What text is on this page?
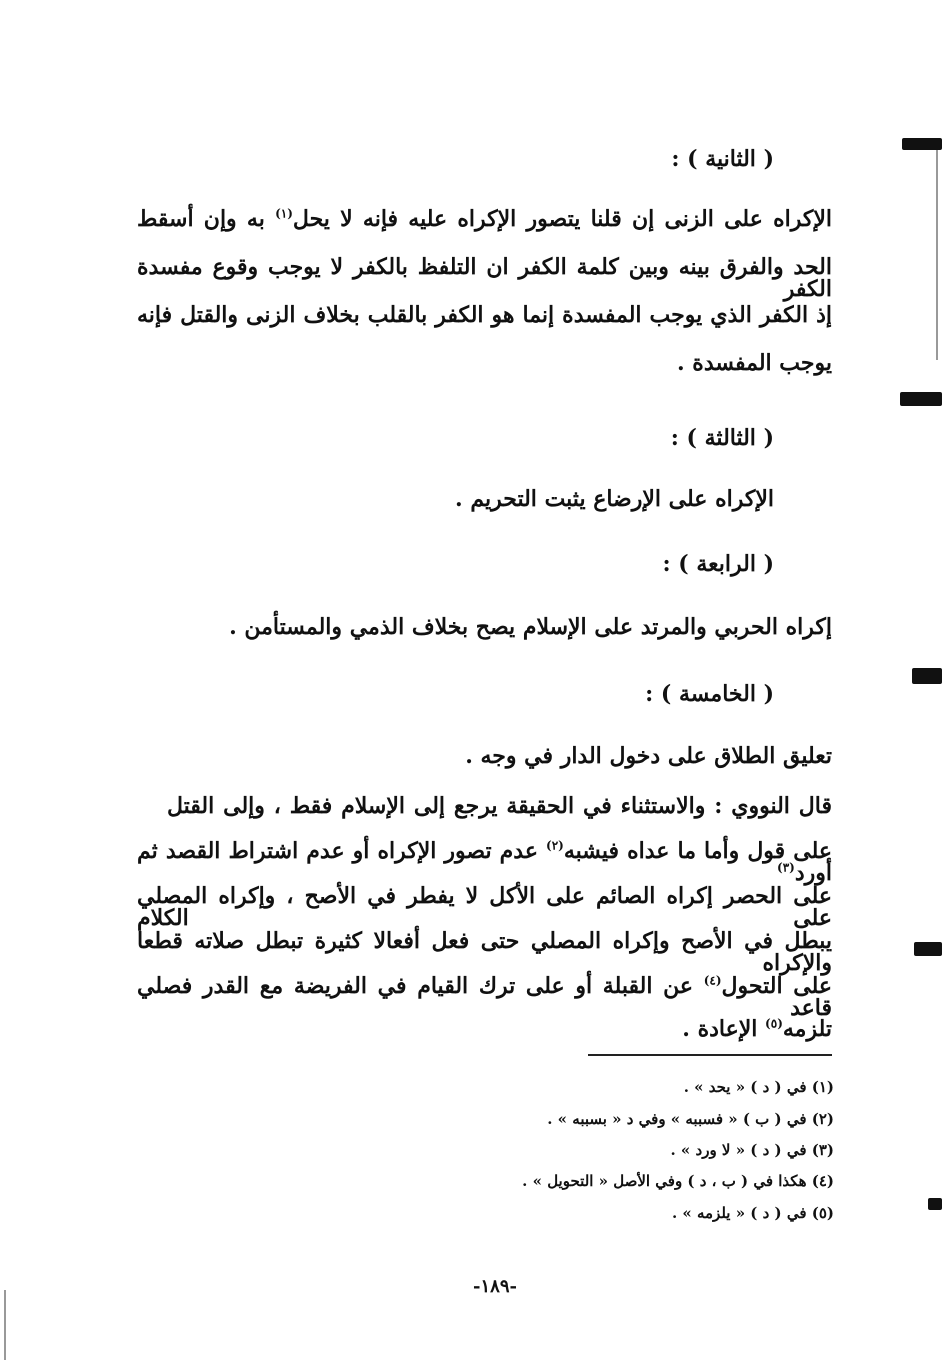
( الثانية ) :
الإكراه على الزنى إن قلنا يتصور الإكراه عليه فإنه لا يحل$^{(١)}$ به وإن أسقط
الحد والفرق بينه وبين كلمة الكفر ان التلفظ بالكفر لا يوجب وقوع مفسدة الكفر
إذ الكفر الذي يوجب المفسدة إنما هو الكفر بالقلب بخلاف الزنى والقتل فإنه
يوجب المفسدة .
( الثالثة ) :
الإكراه على الإرضاع يثبت التحريم .
( الرابعة ) :
إكراه الحربي والمرتد على الإسلام يصح بخلاف الذمي والمستأمن .
( الخامسة ) :
تعليق الطلاق على دخول الدار في وجه .
قال النووي : والاستثناء في الحقيقة يرجع إلى الإسلام فقط ، وإلى القتل
على قول وأما ما عداه فيشبه$^{(٢)}$ عدم تصور الإكراه أو عدم اشتراط القصد ثم أورد$^{(٣)}$
على الحصر إكراه الصائم على الأكل لا يفطر في الأصح ، وإكراه المصلي على الكلام
يبطل في الأصح وإكراه المصلي حتى فعل أفعالا كثيرة تبطل صلاته قطعا والإكراه
على التحول$^{(٤)}$ عن القبلة أو على ترك القيام في الفريضة مع القدر فصلي قاعد
تلزمه$^{(٥)}$ الإعادة .
(١) في ( د ) « يحد » .
(٢) في ( ب ) « فسببه » وفي د « بسببه » .
(٣) في ( د ) « لا ورد » .
(٤) هكذا في ( ب ، د ) وفي الأصل « التحويل » .
(٥) في ( د ) « يلزمه » .
-١٨٩-
